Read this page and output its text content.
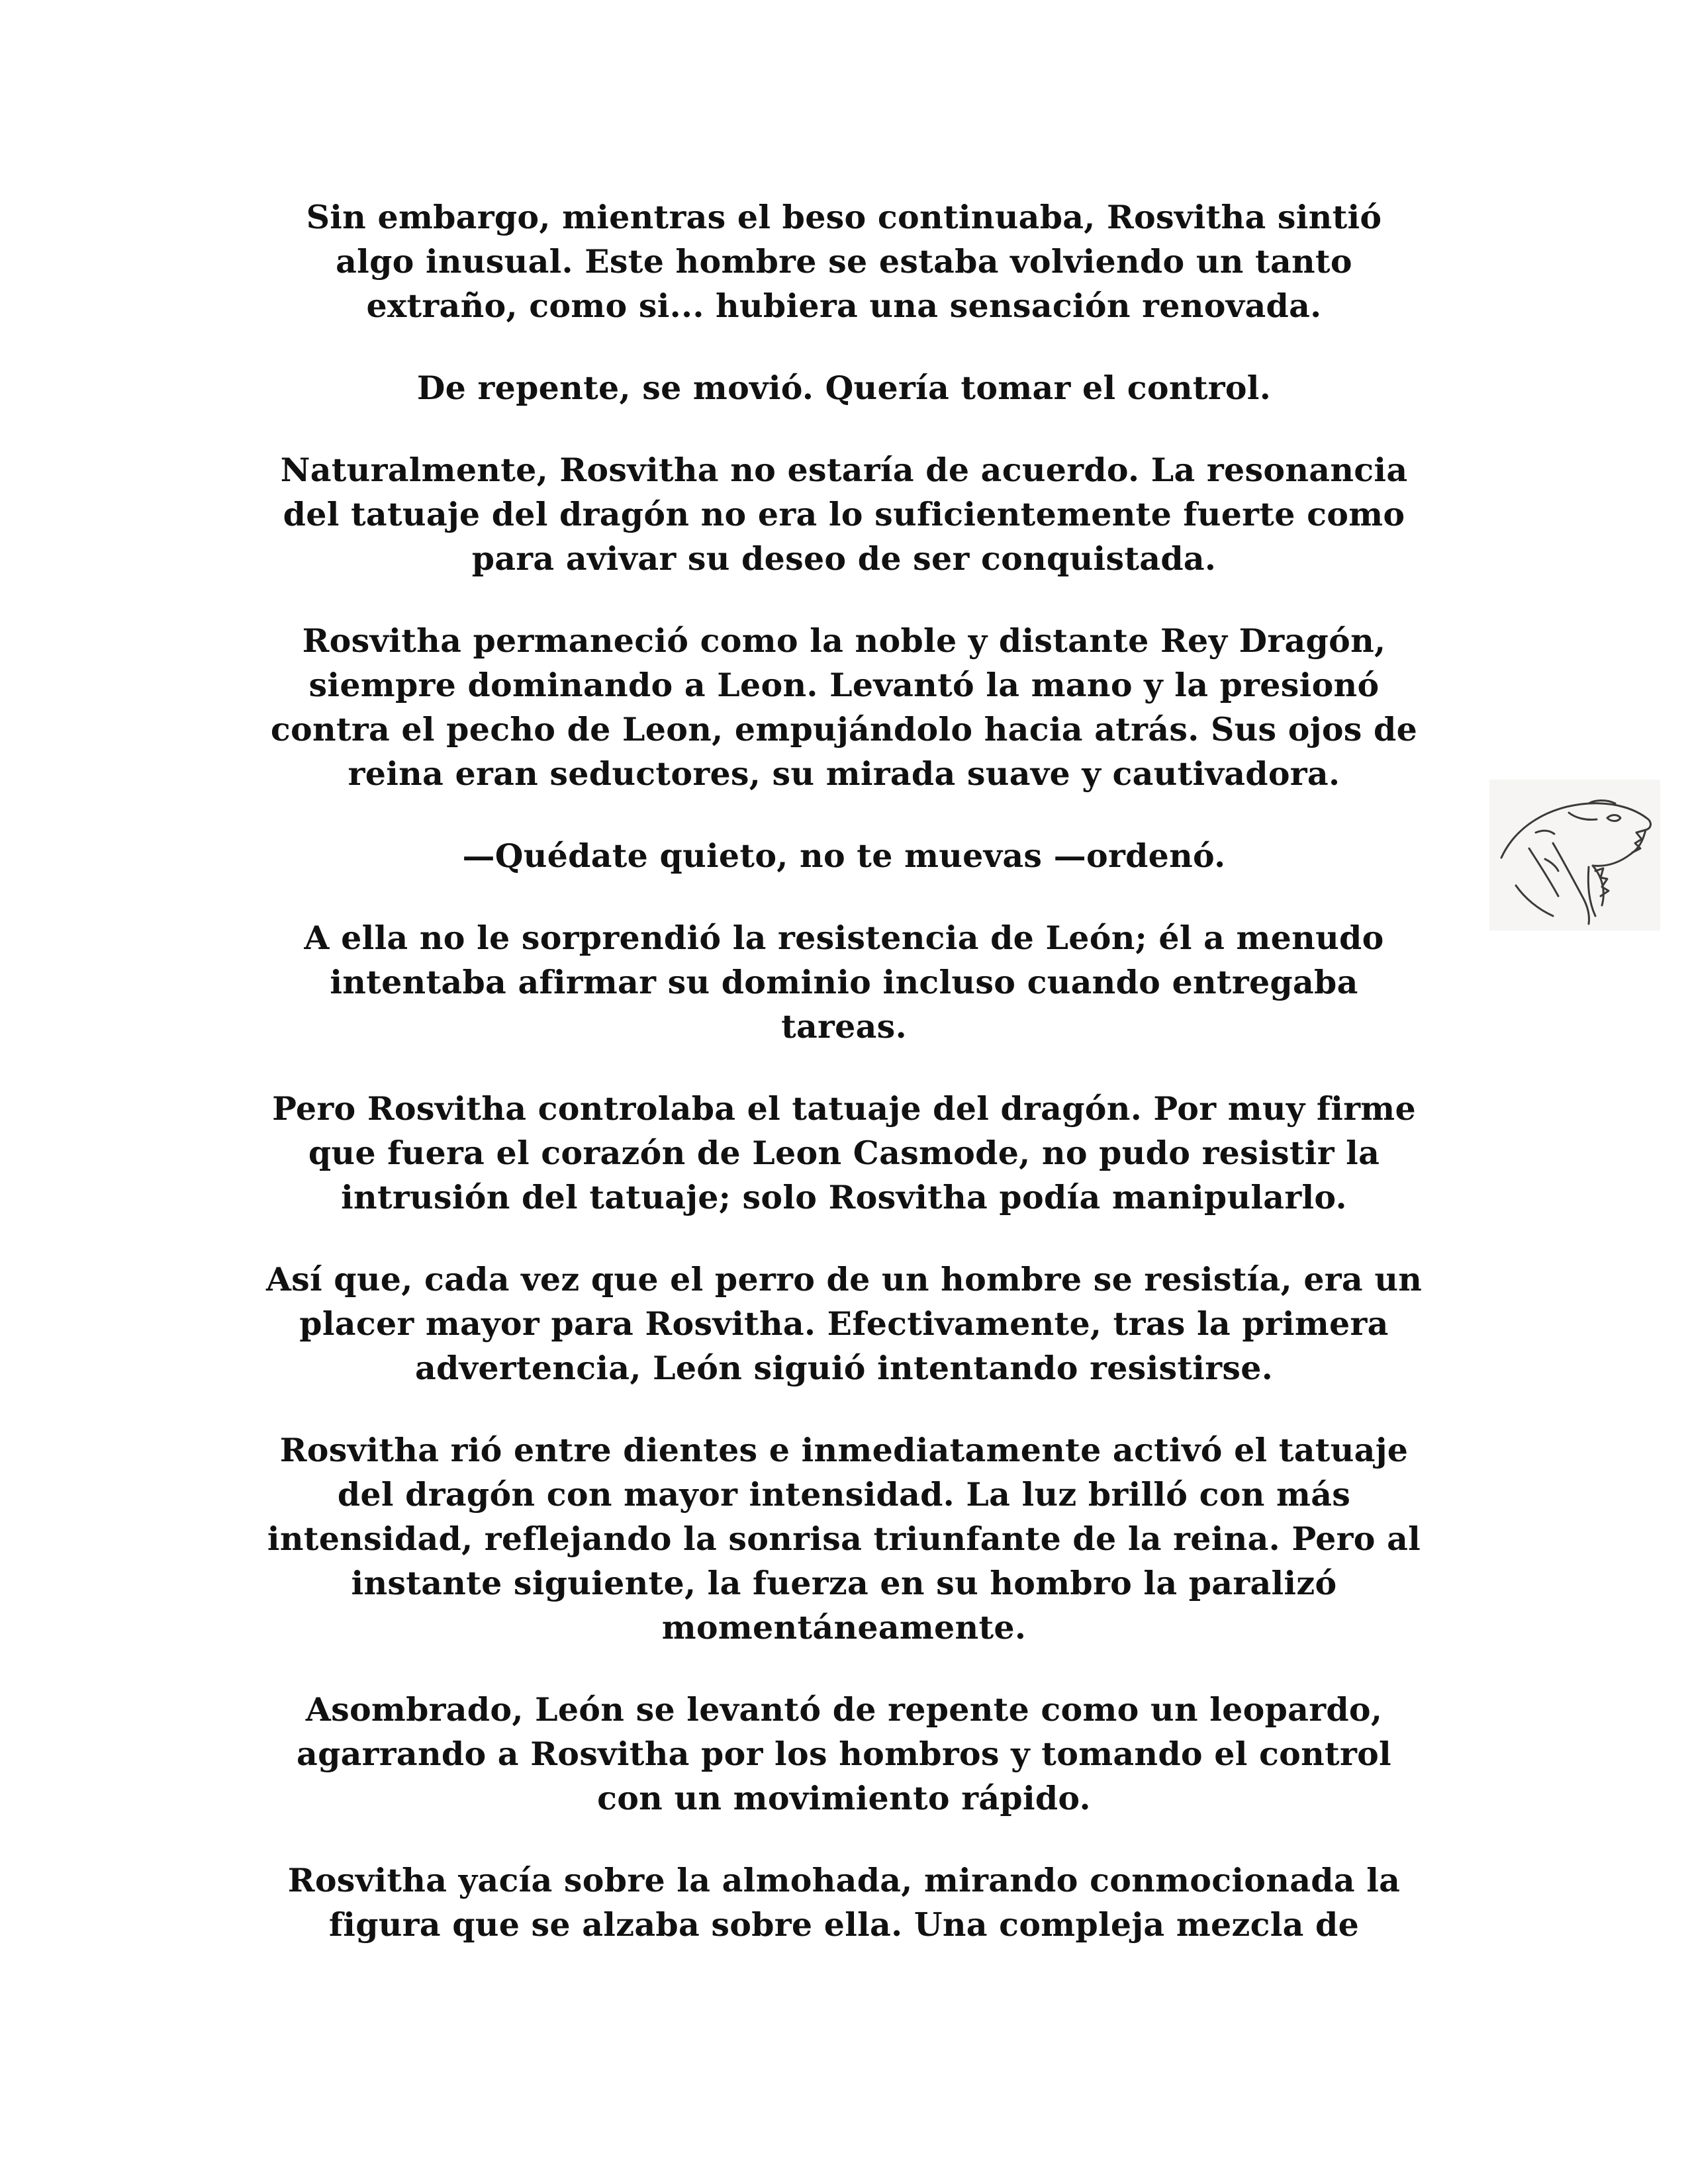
Sin embargo, mientras el beso continuaba, Rosvitha sintió
algo inusual. Este hombre se estaba volviendo un tanto
extraño, como si... hubiera una sensación renovada.

De repente, se movió. Quería tomar el control.

Naturalmente, Rosvitha no estaría de acuerdo. La resonancia
del tatuaje del dragón no era lo suficientemente fuerte como
para avivar su deseo de ser conquistada.

Rosvitha permaneció como la noble y distante Rey Dragón,
siempre dominando a Leon. Levantó la mano y la presionó
contra el pecho de Leon, empujándolo hacia atrás. Sus ojos de
reina eran seductores, su mirada suave y cautivadora.

—Quédate quieto, no te muevas —ordenó.

A ella no le sorprendió la resistencia de León; él a menudo
intentaba afirmar su dominio incluso cuando entregaba
tareas.

Pero Rosvitha controlaba el tatuaje del dragón. Por muy firme
que fuera el corazón de Leon Casmode, no pudo resistir la
intrusión del tatuaje; solo Rosvitha podía manipularlo.

Así que, cada vez que el perro de un hombre se resistía, era un
placer mayor para Rosvitha. Efectivamente, tras la primera
advertencia, León siguió intentando resistirse.

Rosvitha rió entre dientes e inmediatamente activó el tatuaje
del dragón con mayor intensidad. La luz brilló con más
intensidad, reflejando la sonrisa triunfante de la reina. Pero al
instante siguiente, la fuerza en su hombro la paralizó
momentáneamente.

Asombrado, León se levantó de repente como un leopardo,
agarrando a Rosvitha por los hombros y tomando el control
con un movimiento rápido.

Rosvitha yacía sobre la almohada, mirando conmocionada la
figura que se alzaba sobre ella. Una compleja mezcla de
